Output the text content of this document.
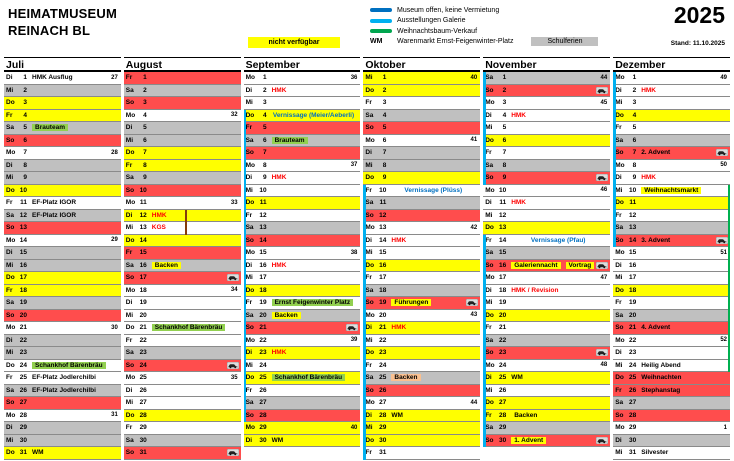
HEIMATMUSEUM
REINACH BL
nicht verfügbar
Museum offen, keine Vermietung
Ausstellungen Galerie
Weihnachtsbaum-Verkauf
WM	Warenmarkt Ernst-Feigenwinter-Platz	Schulferien
2025
Stand: 11.10.2025
Juli
Di	1 HMK Ausflug	27
Mi	2
Do	3
Fr	4
Sa	5	Brauteam
So	6
Mo	7	28
Di	8
Mi	9
Do 10
Fr	11 EF-Platz IGOR
Sa 12 EF-Platz IGOR
So 13
Mo 14	29
Di	15
Mi	16
Do 17
Fr	18
Sa 19
So 20
Mo 21	30
Di	22
Mi	23
Do 24	Schankhof Bärenbräu
Fr	25 EF-Platz Jodlerchilbi
Sa 26 EF-Platz Jodlerchilbi
So 27
Mo 28	31
Di	29
Mi	30
Do 31 WM
August
Fr	1
Sa	2
So	3
Mo	4	32
Di	5
Mi	6
Do	7
Fr	8
Sa	9
So 10
Mo 11	33
Di	12 HMK
Mi	13 KGS
Do 14
Fr	15
Sa 16	Backen
So 17
Mo 18	34
Di	19
Mi	20
Do 21	Schankhof Bärenbräu
Fr	22
Sa 23
So 24
Mo 25	35
Di	26
Mi	27
Do 28
Fr	29
Sa 30
So 31
September
Mo	1	36
Di	2 HMK
Mi	3
Do	4 Vernissage (Meier/Aeberli)
Fr	5
Sa	6	Brauteam
So	7
Mo	8	37
Di	9 HMK
Mi	10
Do 11
Fr	12
Sa 13
So 14
Mo 15	38
Di	16 HMK
Mi	17
Do 18
Fr	19	Ernst Feigenwinter Platz
Sa 20	Backen
So 21
Mo 22	39
Di	23 HMK
Mi	24
Do 25	Schankhof Bärenbräu
Fr	26
Sa 27
So 28
Mo 29	40
Di	30 WM
Oktober
Mi	1	40
Do	2
Fr	3
Sa	4
So	5
Mo	6	41
Di	7
Mi	8
Do	9
Fr	10	Vernissage (Plüss)
Sa 11
So 12
Mo 13	42
Di	14 HMK
Mi	15
Do 16
Fr	17
Sa 18
So 19	Führungen
Mo 20	43
Di	21 HMK
Mi	22
Do 23
Fr	24
Sa 25	Backen
So 26
Mo 27	44
Di	28 WM
Mi	29
Do 30
Fr	31
November
Sa	1	44
So	2
Mo	3	45
Di	4 HMK
Mi	5
Do	6
Fr	7
Sa	8
So	9
Mo 10	46
Di	11 HMK
Mi	12
Do 13
Fr	14	Vernissage (Pfau)
Sa 15
So 16	Galeriennacht	Vortrag
Mo 17	47
Di	18 HMK / Revision
Mi	19
Do 20
Fr	21
Sa 22
So 23
Mo 24	48
Di	25 WM
Mi	26
Do 27
Fr	28	Backen
Sa 29
So 30	1. Advent
Dezember
Mo	1	49
Di	2 HMK
Mi	3
Do	4
Fr	5
Sa	6
So	7 2. Advent
Mo	8	50
Di	9 HMK
Mi	10	Weihnachtsmarkt
Do 11
Fr	12
Sa 13
So 14 3. Advent
Mo 15	51
Di	16
Mi	17
Do 18
Fr	19
Sa 20
So 21 4. Advent
Mo 22	52
Di	23
Mi	24 Heilig Abend
Do 25 Weihnachten
Fr	26 Stephanstag
Sa 27
So 28
Mo 29	1
Di	30
Mi	31 Silvester
